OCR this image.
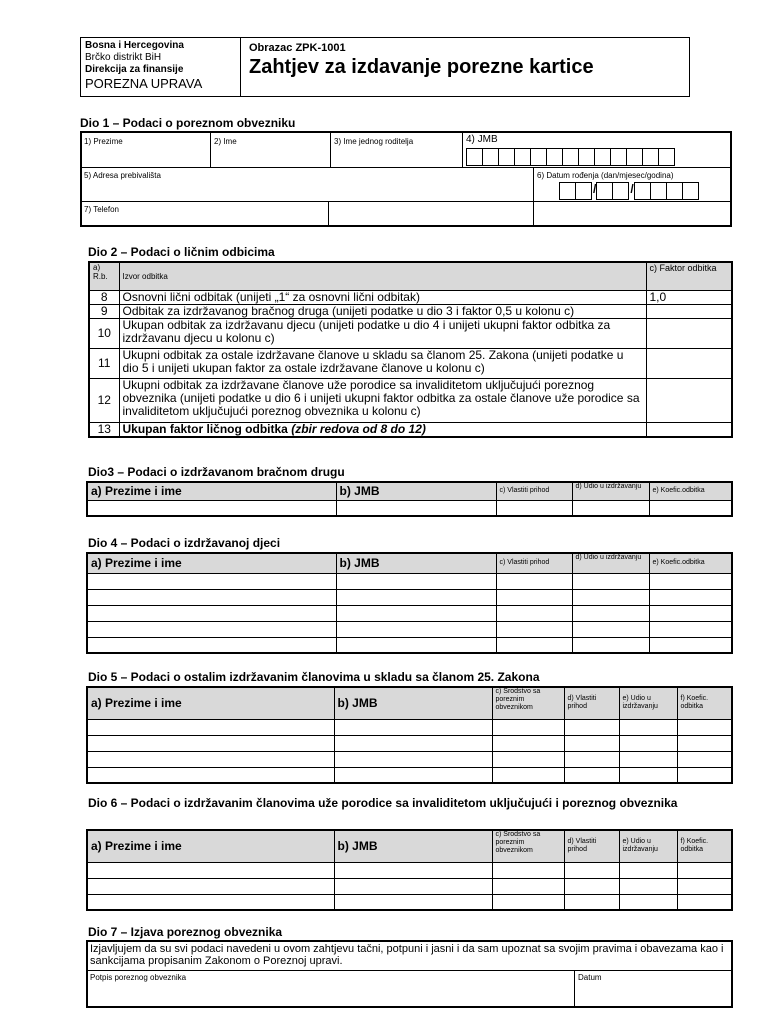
Bosna i Hercegovina
Brčko distrikt BiH
Direkcija za finansije
POREZNA UPRAVA
Obrazac ZPK-1001
Zahtjev za izdavanje porezne kartice
Dio 1 – Podaci o poreznom obvezniku
1) Prezime	2) Ime	3) Ime jednog roditelja	4) JMB
5) Adresa prebivališta	6) Datum rođenja (dan/mjesec/godina)
/	/
7) Telefon
Dio 2 – Podaci o ličnim odbicima
a) R.b.	Izvor odbitka	c) Faktor odbitka
8	Osnovni lični odbitak (unijeti „1“ za osnovni lični odbitak)	1,0
9	Odbitak za izdržavanog bračnog druga (unijeti podatke u dio 3 i faktor 0,5 u kolonu c)	
10	Ukupan odbitak za izdržavanu djecu (unijeti podatke u dio 4 i unijeti ukupni faktor odbitka za izdržavanu djecu u kolonu c)	
11	Ukupni odbitak za ostale izdržavane članove u skladu sa članom 25. Zakona (unijeti podatke u dio 5 i unijeti ukupan faktor za ostale izdržavane članove u kolonu c)	
12	Ukupni odbitak za izdržavane članove uže porodice sa invaliditetom uključujući poreznog obveznika (unijeti podatke u dio 6 i unijeti ukupni faktor odbitka za ostale članove uže porodice sa invaliditetom uključujući poreznog obveznika u kolonu c)	
13	Ukupan faktor ličnog odbitka (zbir redova od 8 do 12)	
Dio3 – Podaci o izdržavanom bračnom drugu
a) Prezime i ime	b) JMB	c) Vlastiti prihod	d) Udio u izdržavanju	e) Koefic.odbitka

Dio 4 – Podaci o izdržavanoj djeci
a) Prezime i ime	b) JMB	c) Vlastiti prihod	d) Udio u izdržavanju	e) Koefic.odbitka

Dio 5 – Podaci o ostalim izdržavanim članovima u skladu sa članom 25. Zakona
a) Prezime i ime	b) JMB	c) Srodstvo sa poreznim obveznikom	d) Vlastiti prihod	e) Udio u izdržavanju	f) Koefic. odbitka

Dio 6 – Podaci o izdržavanim članovima uže porodice sa invaliditetom uključujući i poreznog obveznika
a) Prezime i ime	b) JMB	c) Srodstvo sa poreznim obveznikom	d) Vlastiti prihod	e) Udio u izdržavanju	f) Koefic. odbitka

Dio 7 – Izjava poreznog obveznika
Izjavljujem da su svi podaci navedeni u ovom zahtjevu tačni, potpuni i jasni i da sam upoznat sa svojim pravima i obavezama kao i sankcijama propisanim Zakonom o Poreznoj upravi.
Potpis poreznog obveznika	Datum
